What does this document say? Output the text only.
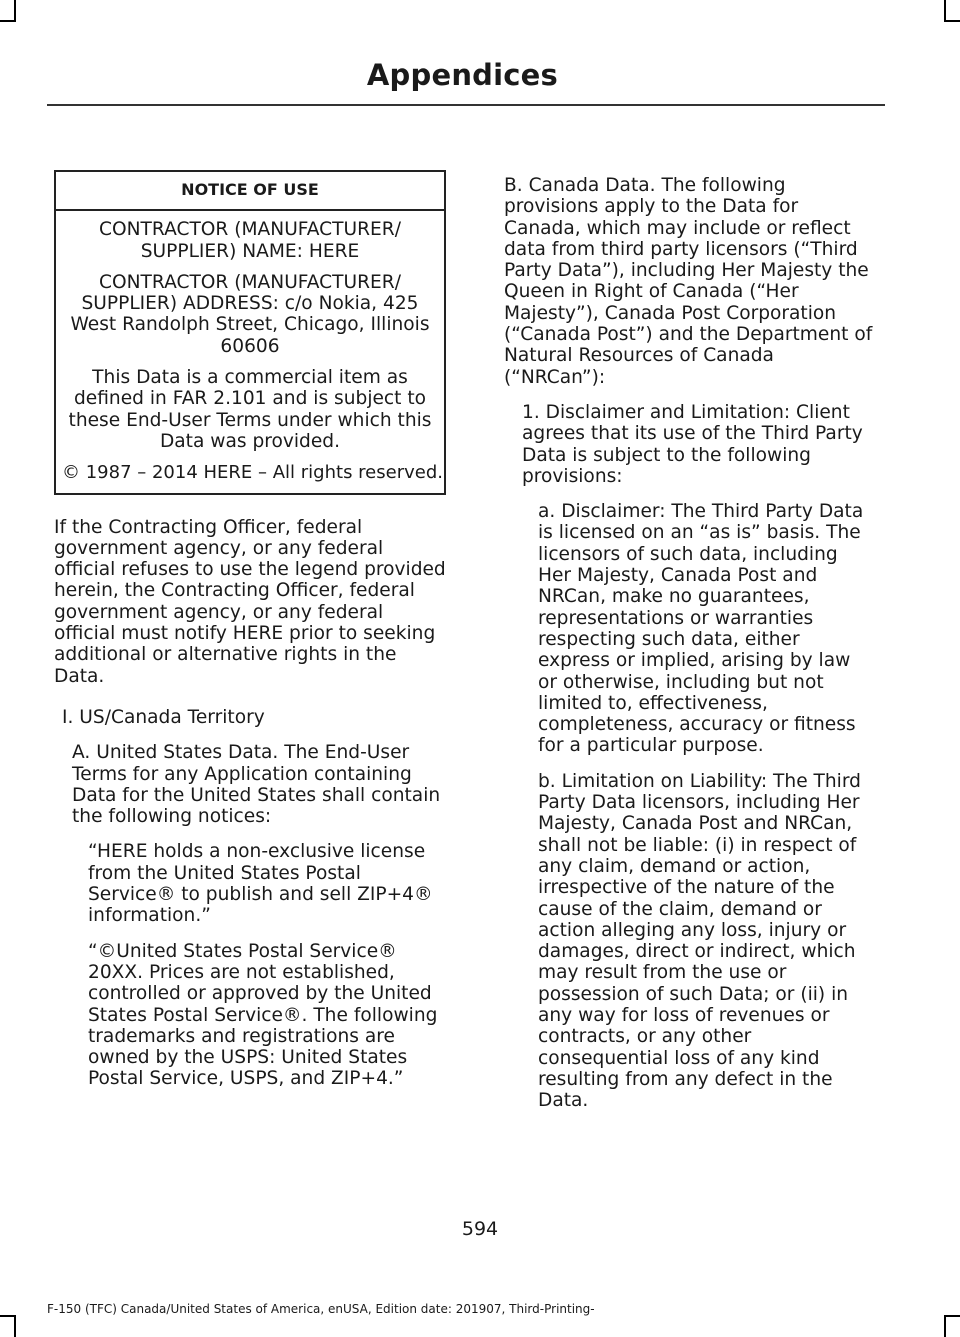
Appendices
NOTICE OF USE

CONTRACTOR (MANUFACTURER/ SUPPLIER) NAME: HERE

CONTRACTOR (MANUFACTURER/ SUPPLIER) ADDRESS: c/o Nokia, 425 West Randolph Street, Chicago, Illinois 60606

This Data is a commercial item as defined in FAR 2.101 and is subject to these End-User Terms under which this Data was provided.

© 1987 – 2014 HERE – All rights reserved.

If the Contracting Officer, federal government agency, or any federal official refuses to use the legend provided herein, the Contracting Officer, federal government agency, or any federal official must notify HERE prior to seeking additional or alternative rights in the Data.

I. US/Canada Territory

A. United States Data. The End-User Terms for any Application containing Data for the United States shall contain the following notices:

“HERE holds a non-exclusive license from the United States Postal Service® to publish and sell ZIP+4® information.”

“©United States Postal Service® 20XX. Prices are not established, controlled or approved by the United States Postal Service®. The following trademarks and registrations are owned by the USPS: United States Postal Service, USPS, and ZIP+4.”

B. Canada Data. The following provisions apply to the Data for Canada, which may include or reflect data from third party licensors (“Third Party Data”), including Her Majesty the Queen in Right of Canada (“Her Majesty”), Canada Post Corporation (“Canada Post”) and the Department of Natural Resources of Canada (“NRCan”):

1. Disclaimer and Limitation: Client agrees that its use of the Third Party Data is subject to the following provisions:

a. Disclaimer: The Third Party Data is licensed on an “as is” basis. The licensors of such data, including Her Majesty, Canada Post and NRCan, make no guarantees, representations or warranties respecting such data, either express or implied, arising by law or otherwise, including but not limited to, effectiveness, completeness, accuracy or fitness for a particular purpose.

b. Limitation on Liability: The Third Party Data licensors, including Her Majesty, Canada Post and NRCan, shall not be liable: (i) in respect of any claim, demand or action, irrespective of the nature of the cause of the claim, demand or action alleging any loss, injury or damages, direct or indirect, which may result from the use or possession of such Data; or (ii) in any way for loss of revenues or contracts, or any other consequential loss of any kind resulting from any defect in the Data.

594
F-150 (TFC) Canada/United States of America, enUSA, Edition date: 201907, Third-Printing-
